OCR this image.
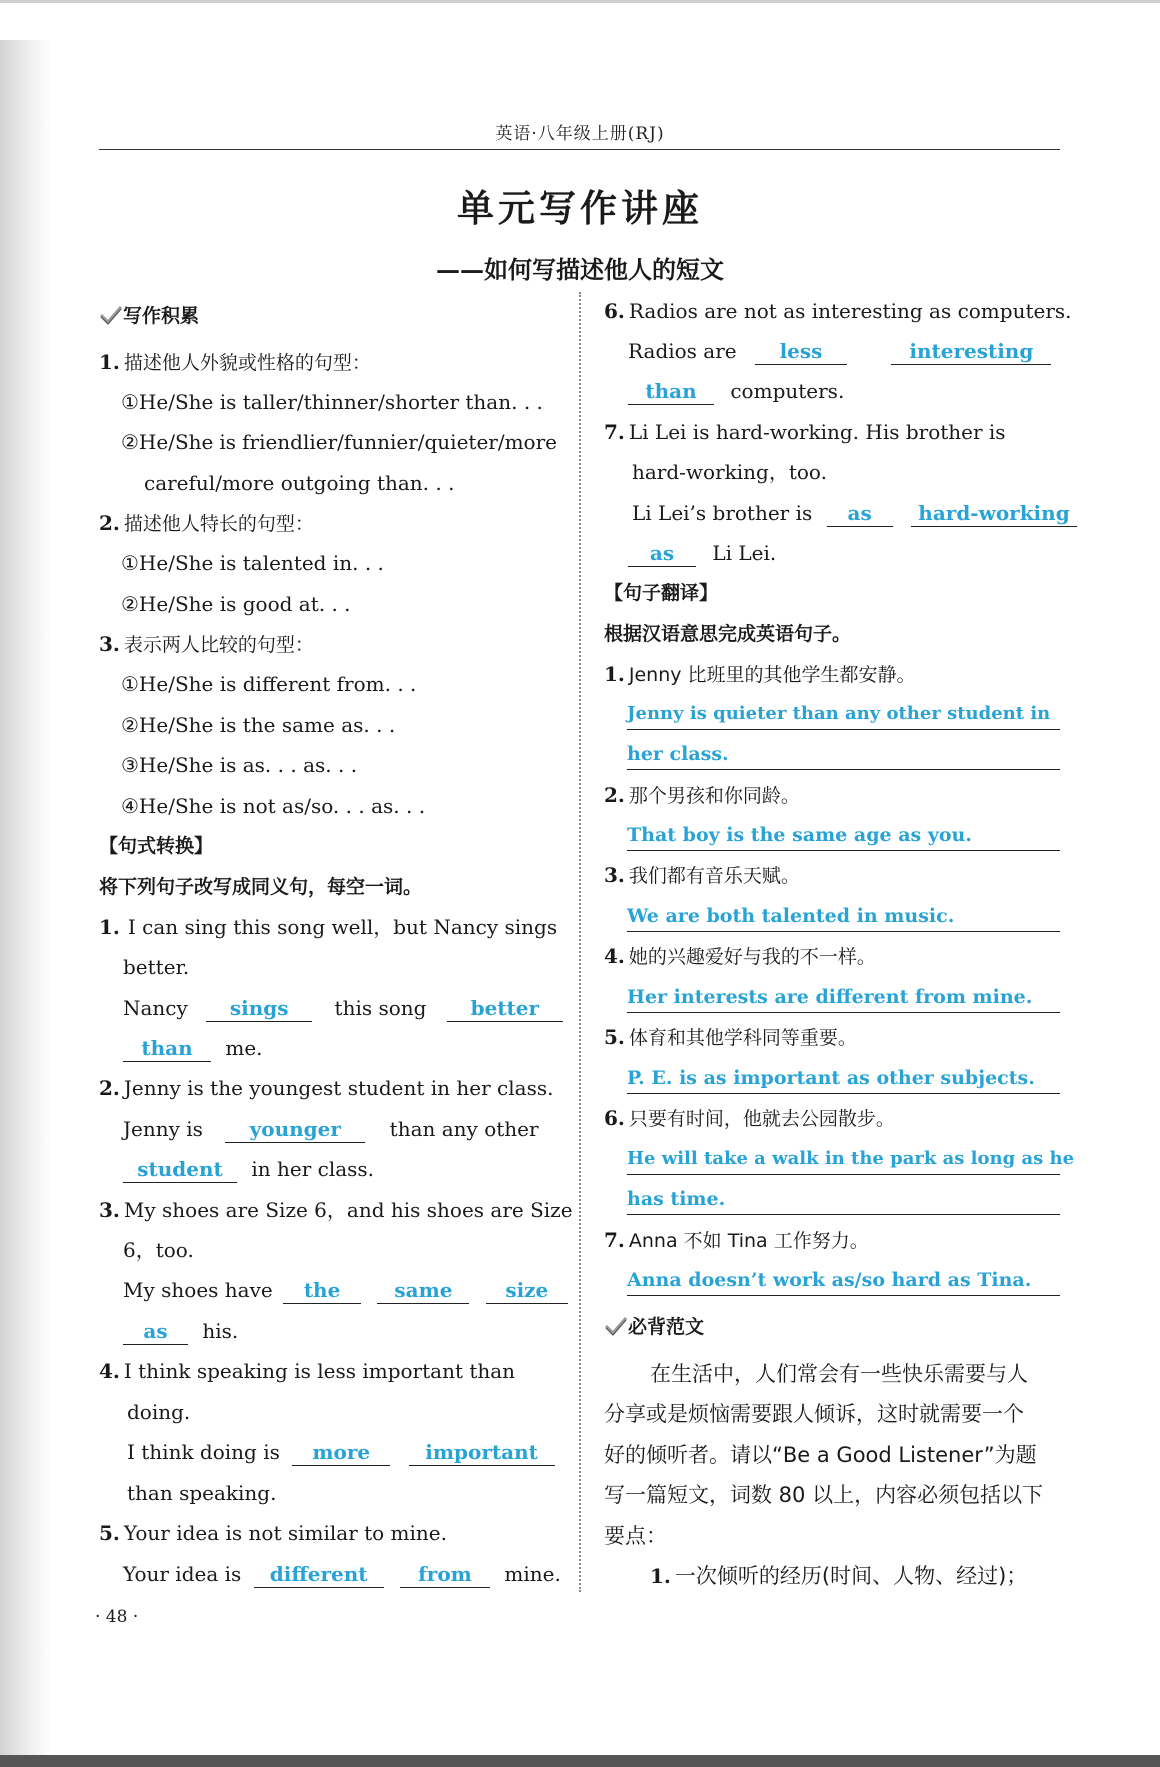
英语·八年级上册(RJ)
单元写作讲座
——如何写描述他人的短文
写作积累
1. 描述他人外貌或性格的句型：
①He/She is taller/thinner/shorter than. . .
②He/She is friendlier/funnier/quieter/more
careful/more outgoing than. . .
2. 描述他人特长的句型：
①He/She is talented in. . .
②He/She is good at. . .
3. 表示两人比较的句型：
①He/She is different from. . .
②He/She is the same as. . .
③He/She is as. . . as. . .
④He/She is not as/so. . . as. . .
【句式转换】
将下列句子改写成同义句，每空一词。
1. I can sing this song well，but Nancy sings
better.
Nancy sings this song better
than me.
2. Jenny is the youngest student in her class.
Jenny is younger than any other
student in her class.
3. My shoes are Size 6，and his shoes are Size
6，too.
My shoes have the	same	size
as his.
4. I think speaking is less important than
doing.
I think doing is more	important
than speaking.
5. Your idea is not similar to mine.
Your idea is different	from mine.
6. Radios are not as interesting as computers.
Radios are less	interesting
than computers.
7. Li Lei is hard-working. His brother is
hard-working，too.
Li Lei’s brother is as hard-working
as Li Lei.
【句子翻译】
根据汉语意思完成英语句子。
1. Jenny 比班里的其他学生都安静。
Jenny is quieter than any other student in
her class.
2. 那个男孩和你同龄。
That boy is the same age as you.
3. 我们都有音乐天赋。
We are both talented in music.
4. 她的兴趣爱好与我的不一样。
Her interests are different from mine.
5. 体育和其他学科同等重要。
P. E. is as important as other subjects.
6. 只要有时间，他就去公园散步。
He will take a walk in the park as long as he
has time.
7. Anna 不如 Tina 工作努力。
Anna doesn’t work as/so hard as Tina.
必背范文
在生活中，人们常会有一些快乐需要与人
分享或是烦恼需要跟人倾诉，这时就需要一个
好的倾听者。请以“Be a Good Listener”为题
写一篇短文，词数 80 以上，内容必须包括以下
要点：
1. 一次倾听的经历(时间、人物、经过)；
· 48 ·
